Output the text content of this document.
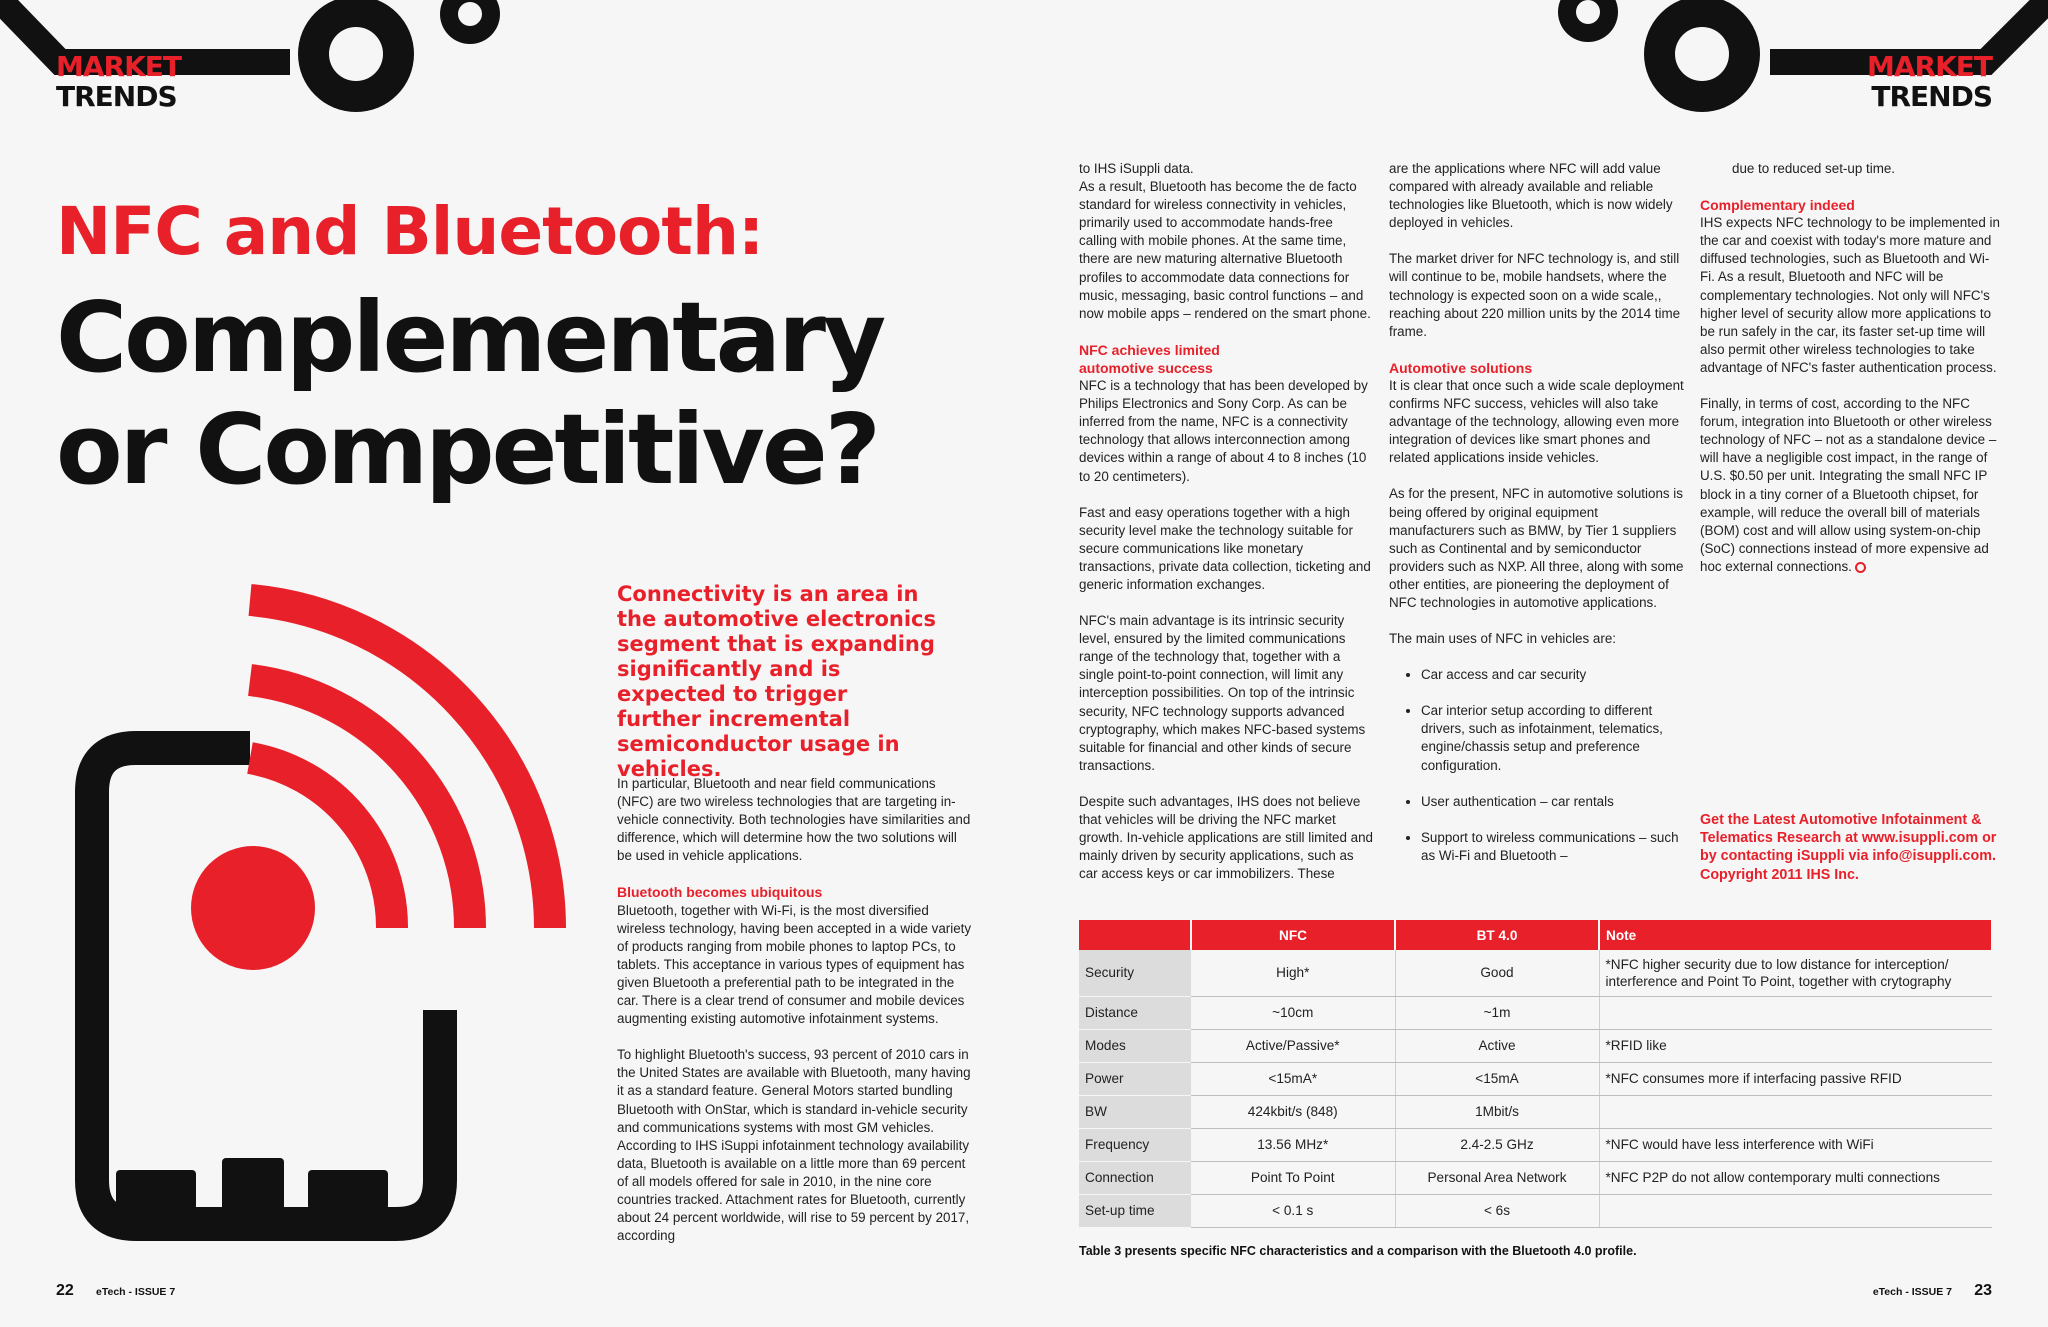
MARKET
TRENDS
MARKET
TRENDS
NFC and Bluetooth:
Complementary
or Competitive?
Connectivity is an area in the automotive electronics segment that is expanding significantly and is expected to trigger further incremental semiconductor usage in vehicles.

In particular, Bluetooth and near field communications (NFC) are two wireless technologies that are targeting in-vehicle connectivity. Both technologies have similarities and difference, which will determine how the two solutions will be used in vehicle applications.

Bluetooth becomes ubiquitous

Bluetooth, together with Wi-Fi, is the most diversified wireless technology, having been accepted in a wide variety of products ranging from mobile phones to laptop PCs, to tablets. This acceptance in various types of equipment has given Bluetooth a preferential path to be integrated in the car. There is a clear trend of consumer and mobile devices augmenting existing automotive infotainment systems.

To highlight Bluetooth's success, 93 percent of 2010 cars in the United States are available with Bluetooth, many having it as a standard feature. General Motors started bundling Bluetooth with OnStar, which is standard in-vehicle security and communications systems with most GM vehicles. According to IHS iSuppi infotainment technology availability data, Bluetooth is available on a little more than 69 percent of all models offered for sale in 2010, in the nine core countries tracked. Attachment rates for Bluetooth, currently about 24 percent worldwide, will rise to 59 percent by 2017, according

to IHS iSuppli data.
As a result, Bluetooth has become the de facto standard for wireless connectivity in vehicles, primarily used to accommodate hands-free calling with mobile phones. At the same time, there are new maturing alternative Bluetooth profiles to accommodate data connections for music, messaging, basic control functions – and now mobile apps – rendered on the smart phone.

NFC achieves limited
automotive success

NFC is a technology that has been developed by Philips Electronics and Sony Corp. As can be inferred from the name, NFC is a connectivity technology that allows interconnection among devices within a range of about 4 to 8 inches (10 to 20 centimeters).

Fast and easy operations together with a high security level make the technology suitable for secure communications like monetary transactions, private data collection, ticketing and generic information exchanges.

NFC's main advantage is its intrinsic security level, ensured by the limited communications range of the technology that, together with a single point-to-point connection, will limit any interception possibilities. On top of the intrinsic security, NFC technology supports advanced cryptography, which makes NFC-based systems suitable for financial and other kinds of secure transactions.

Despite such advantages, IHS does not believe that vehicles will be driving the NFC market growth. In-vehicle applications are still limited and mainly driven by security applications, such as car access keys or car immobilizers. These

are the applications where NFC will add value compared with already available and reliable technologies like Bluetooth, which is now widely deployed in vehicles.

The market driver for NFC technology is, and still will continue to be, mobile handsets, where the technology is expected soon on a wide scale,, reaching about 220 million units by the 2014 time frame.

Automotive solutions

It is clear that once such a wide scale deployment confirms NFC success, vehicles will also take advantage of the technology, allowing even more integration of devices like smart phones and related applications inside vehicles.

As for the present, NFC in automotive solutions is being offered by original equipment manufacturers such as BMW, by Tier 1 suppliers such as Continental and by semiconductor providers such as NXP. All three, along with some other entities, are pioneering the deployment of NFC technologies in automotive applications.

The main uses of NFC in vehicles are:

• Car access and car security
• Car interior setup according to different drivers, such as infotainment, telematics, engine/chassis setup and preference configuration.
• User authentication – car rentals
• Support to wireless communications – such as Wi-Fi and Bluetooth –

due to reduced set-up time.

Complementary indeed

IHS expects NFC technology to be implemented in the car and coexist with today's more mature and diffused technologies, such as Bluetooth and Wi-Fi. As a result, Bluetooth and NFC will be complementary technologies. Not only will NFC's higher level of security allow more applications to be run safely in the car, its faster set-up time will also permit other wireless technologies to take advantage of NFC's faster authentication process.

Finally, in terms of cost, according to the NFC forum, integration into Bluetooth or other wireless technology of NFC – not as a standalone device – will have a negligible cost impact, in the range of U.S. $0.50 per unit. Integrating the small NFC IP block in a tiny corner of a Bluetooth chipset, for example, will reduce the overall bill of materials (BOM) cost and will allow using system-on-chip (SoC) connections instead of more expensive ad hoc external connections.

Get the Latest Automotive Infotainment & Telematics Research at www.isuppli.com or by contacting iSuppli via info@isuppli.com. Copyright 2011 IHS Inc.
	NFC	BT 4.0	Note
Security	High*	Good	*NFC higher security due to low distance for interception/ interference and Point To Point, together with crytography
Distance	~10cm	~1m	
Modes	Active/Passive*	Active	*RFID like
Power	<15mA*	<15mA	*NFC consumes more if interfacing passive RFID
BW	424kbit/s (848)	1Mbit/s	
Frequency	13.56 MHz*	2.4-2.5 GHz	*NFC would have less interference with WiFi
Connection	Point To Point	Personal Area Network	*NFC P2P do not allow contemporary multi connections
Set-up time	< 0.1 s	< 6s	
Table 3 presents specific NFC characteristics and a comparison with the Bluetooth 4.0 profile.
22 eTech - ISSUE 7	eTech - ISSUE 7 23
